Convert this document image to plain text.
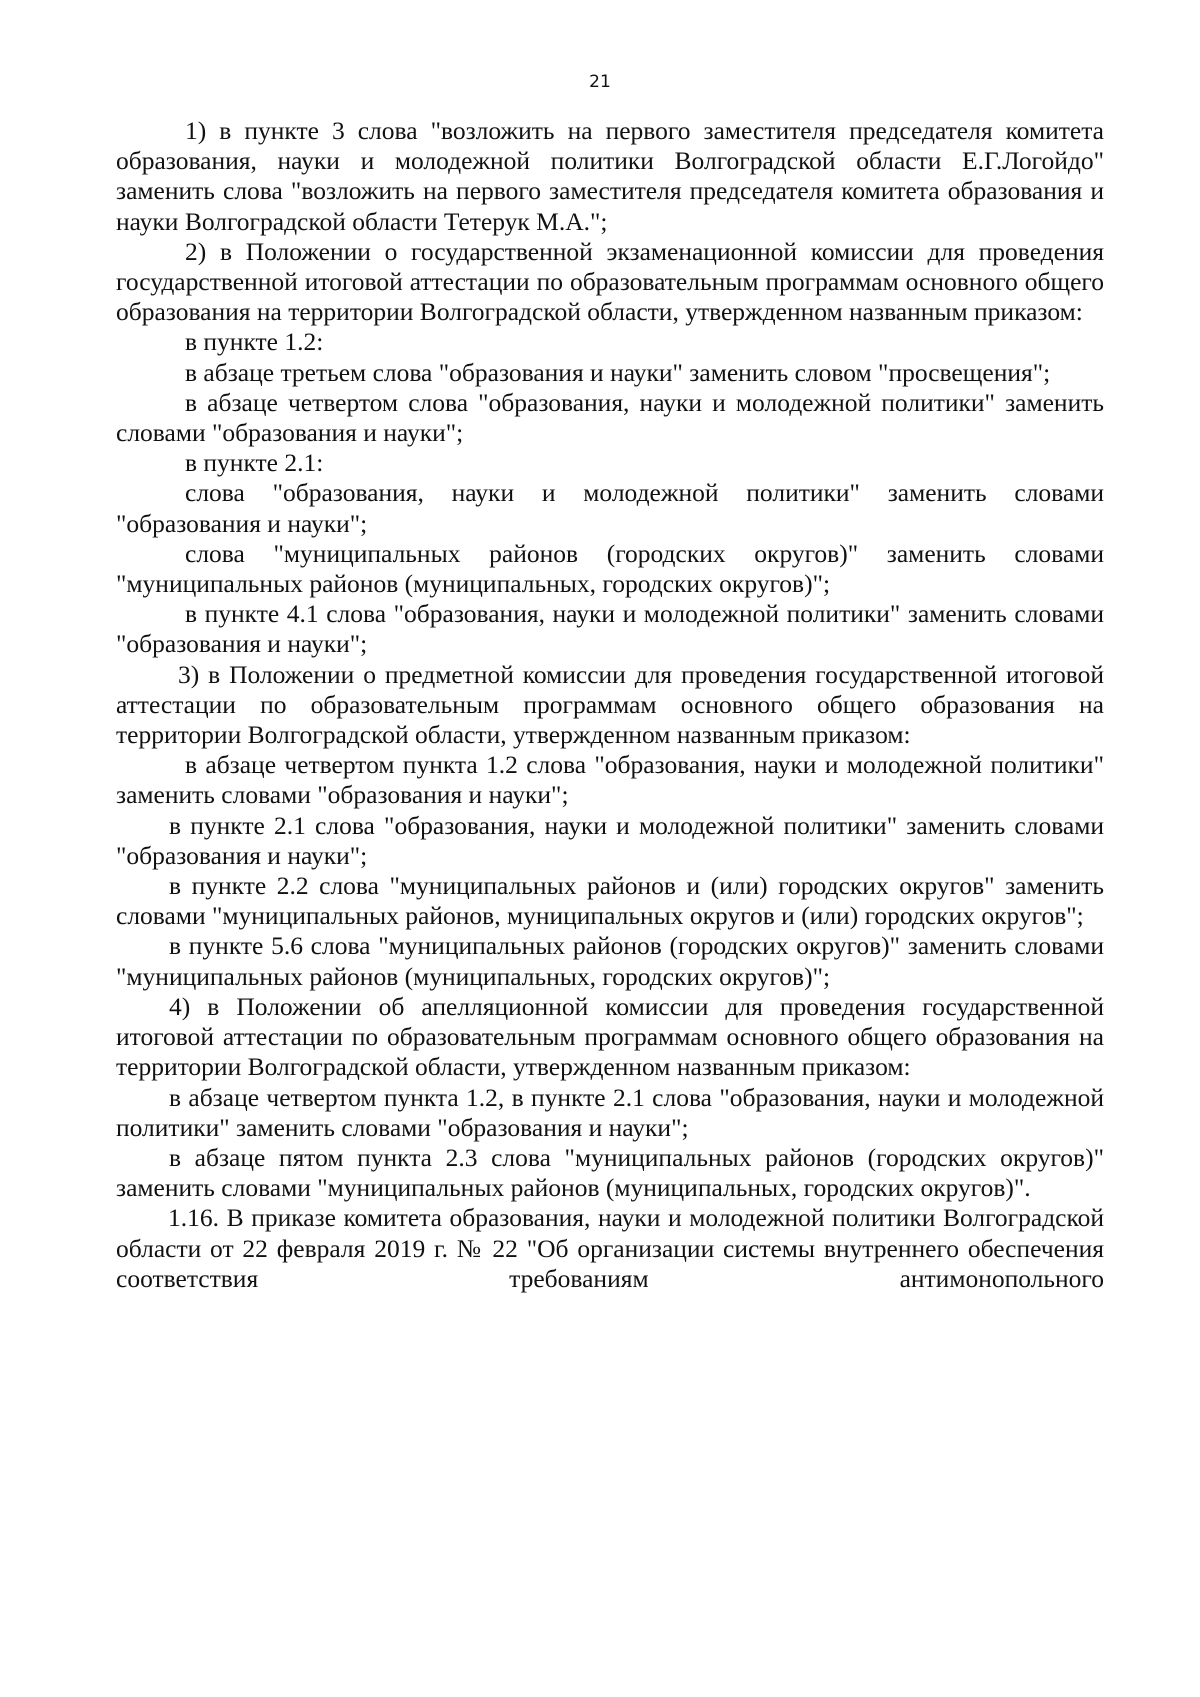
21

1) в пункте 3 слова "возложить на первого заместителя председателя комитета образования, науки и молодежной политики Волгоградской области Е.Г.Логойдо" заменить слова "возложить на первого заместителя председателя комитета образования и науки Волгоградской области Тетерук М.А.";

2) в Положении о государственной экзаменационной комиссии для проведения государственной итоговой аттестации по образовательным программам основного общего образования на территории Волгоградской области, утвержденном названным приказом:

в пункте 1.2:

в абзаце третьем слова "образования и науки" заменить словом "просвещения";

в абзаце четвертом слова "образования, науки и молодежной политики" заменить словами "образования и науки";

в пункте 2.1:

слова "образования, науки и молодежной политики" заменить словами "образования и науки";

слова "муниципальных районов (городских округов)" заменить словами "муниципальных районов (муниципальных, городских округов)";

в пункте 4.1 слова "образования, науки и молодежной политики" заменить словами "образования и науки";

3) в Положении о предметной комиссии для проведения государственной итоговой аттестации по образовательным программам основного общего образования на территории Волгоградской области, утвержденном названным приказом:

в абзаце четвертом пункта 1.2 слова "образования, науки и молодежной политики" заменить словами "образования и науки";

в пункте 2.1 слова "образования, науки и молодежной политики" заменить словами "образования и науки";

в пункте 2.2 слова "муниципальных районов и (или) городских округов" заменить словами "муниципальных районов, муниципальных округов и (или) городских округов";

в пункте 5.6 слова "муниципальных районов (городских округов)" заменить словами "муниципальных районов (муниципальных, городских округов)";

4) в Положении об апелляционной комиссии для проведения государственной итоговой аттестации по образовательным программам основного общего образования на территории Волгоградской области, утвержденном названным приказом:

в абзаце четвертом пункта 1.2, в пункте 2.1 слова "образования, науки и молодежной политики" заменить словами "образования и науки";

в абзаце пятом пункта 2.3 слова "муниципальных районов (городских округов)" заменить словами "муниципальных районов (муниципальных, городских округов)".

1.16. В приказе комитета образования, науки и молодежной политики Волгоградской области от 22 февраля 2019 г. № 22 "Об организации системы внутреннего обеспечения соответствия требованиям антимонопольного
